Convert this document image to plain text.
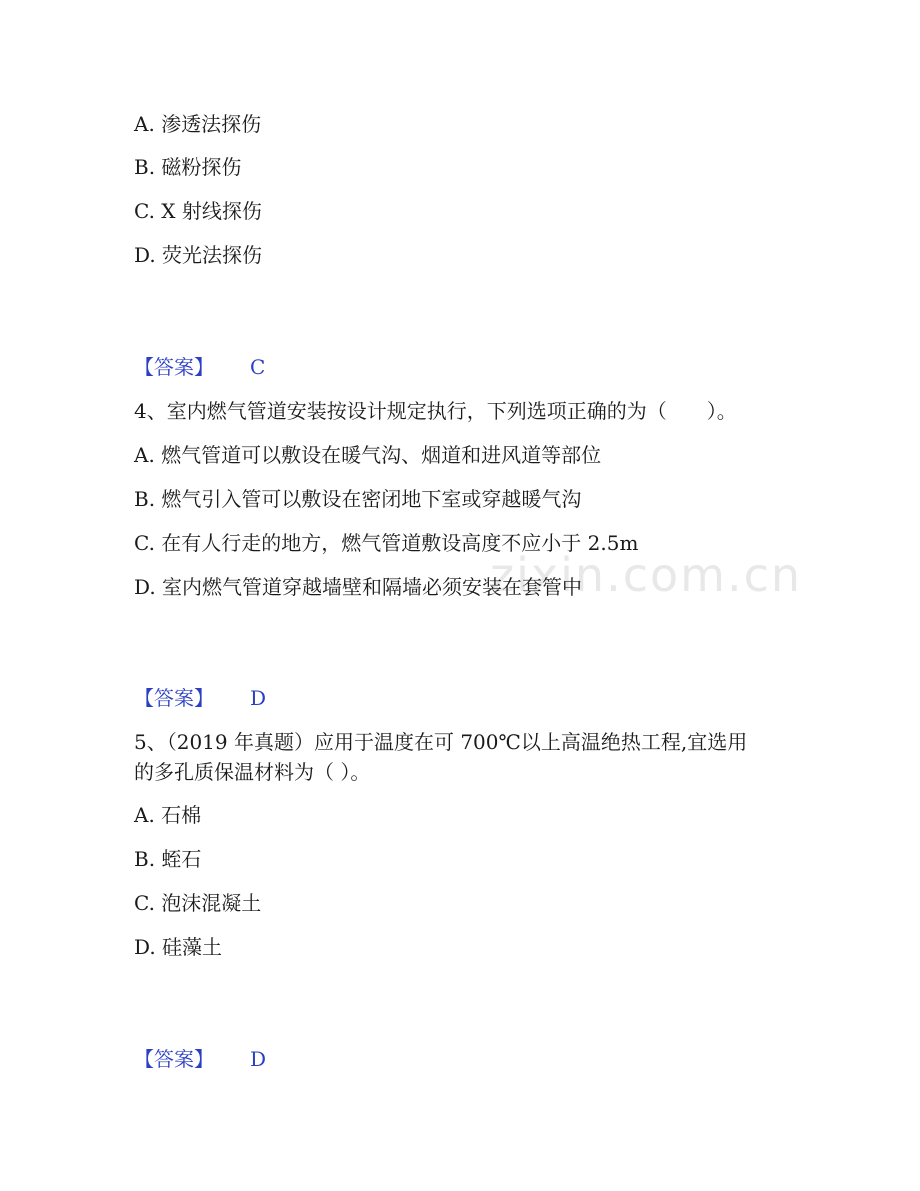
zixin.com.cn
A. 渗透法探伤
B. 磁粉探伤
C. X 射线探伤
D. 荧光法探伤
【答案】 C
4、室内燃气管道安装按设计规定执行，下列选项正确的为（　　）。
A. 燃气管道可以敷设在暖气沟、烟道和进风道等部位
B. 燃气引入管可以敷设在密闭地下室或穿越暖气沟
C. 在有人行走的地方，燃气管道敷设高度不应小于 2.5m
D. 室内燃气管道穿越墙壁和隔墙必须安装在套管中
【答案】 D
5、（2019 年真题）应用于温度在可 700℃以上高温绝热工程,宜选用
的多孔质保温材料为（ ）。
A. 石棉
B. 蛭石
C. 泡沫混凝土
D. 硅藻土
【答案】 D
